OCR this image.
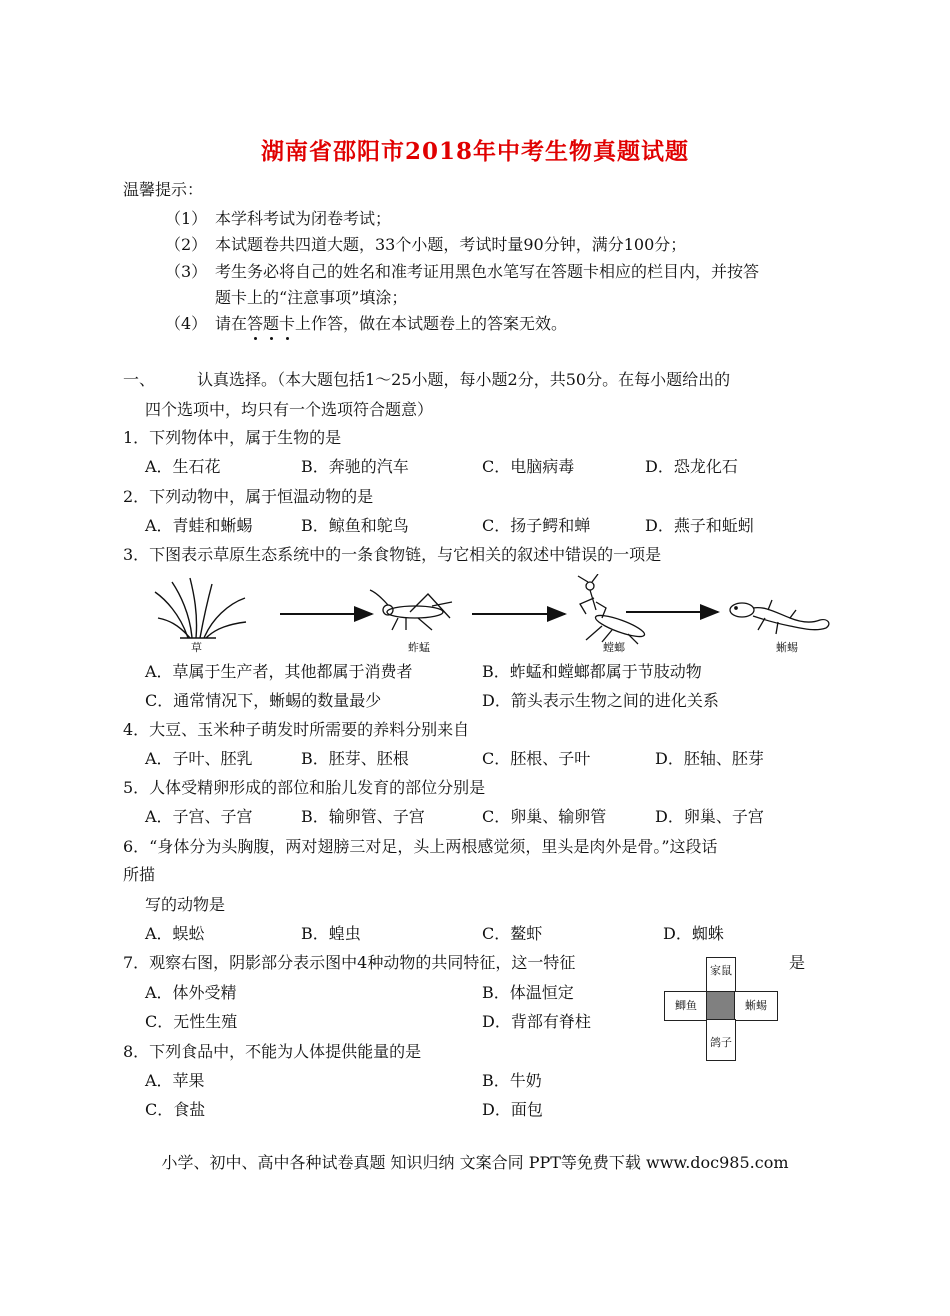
湖南省邵阳市2018年中考生物真题试题
温馨提示：
（1） 本学科考试为闭卷考试；
（2） 本试题卷共四道大题，33个小题，考试时量90分钟，满分100分；
（3） 考生务必将自己的姓名和准考证用黑色水笔写在答题卡相应的栏目内，并按答
题卡上的“注意事项”填涂；
（4） 请在答题卡上作答，做在本试题卷上的答案无效。
一、	认真选择。（本大题包括1～25小题，每小题2分，共50分。在每小题给出的
四个选项中，均只有一个选项符合题意）
1．下列物体中，属于生物的是
A．生石花	B．奔驰的汽车	C．电脑病毒	D．恐龙化石
2．下列动物中，属于恒温动物的是
A．青蛙和蜥蜴	B．鲸鱼和鸵鸟	C．扬子鳄和蝉	D．燕子和蚯蚓
3．下图表示草原生态系统中的一条食物链，与它相关的叙述中错误的一项是
草	蚱蜢	螳螂	蜥蜴
A．草属于生产者，其他都属于消费者	B．蚱蜢和螳螂都属于节肢动物
C．通常情况下，蜥蜴的数量最少	D．箭头表示生物之间的进化关系
4．大豆、玉米种子萌发时所需要的养料分别来自
A．子叶、胚乳	B．胚芽、胚根	C．胚根、子叶	D．胚轴、胚芽
5．人体受精卵形成的部位和胎儿发育的部位分别是
A．子宫、子宫	B．输卵管、子宫	C．卵巢、输卵管	D．卵巢、子宫
6．“身体分为头胸腹，两对翅膀三对足，头上两根感觉须，里头是肉外是骨。”这段话
所描
写的动物是
A．蜈蚣	B．蝗虫	C．鳌虾	D．蜘蛛
7．观察右图，阴影部分表示图中4种动物的共同特征，这一特征	是
A．体外受精	B．体温恒定
C．无性生殖	D．背部有脊柱
家鼠
鲫鱼	蜥蜴
鸽子
8．下列食品中，不能为人体提供能量的是
A．苹果	B．牛奶
C．食盐	D．面包
小学、初中、高中各种试卷真题 知识归纳 文案合同 PPT等免费下载 www.doc985.com
